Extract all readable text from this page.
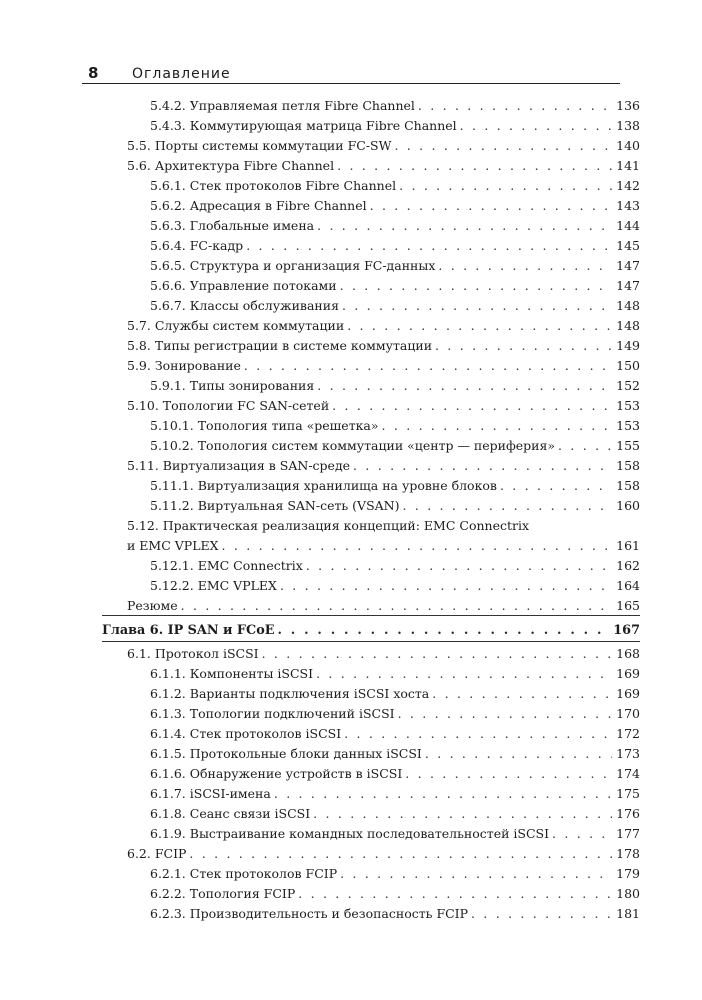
8 Оглавление
5.4.2. Управляемая петля Fibre Channel . . .	136
5.4.3. Коммутирующая матрица Fibre Channel . . .	138
5.5. Порты системы коммутации FC-SW . . .	140
5.6. Архитектура Fibre Channel . . .	141
5.6.1. Стек протоколов Fibre Channel . . .	142
5.6.2. Адресация в Fibre Channel . . .	143
5.6.3. Глобальные имена . . .	144
5.6.4. FC-кадр . . .	145
5.6.5. Структура и организация FC-данных . . .	147
5.6.6. Управление потоками . . .	147
5.6.7. Классы обслуживания . . .	148
5.7. Службы систем коммутации . . .	148
5.8. Типы регистрации в системе коммутации . . .	149
5.9. Зонирование . . .	150
5.9.1. Типы зонирования . . .	152
5.10. Топологии FC SAN-сетей . . .	153
5.10.1. Топология типа «решетка» . . .	153
5.10.2. Топология систем коммутации «центр — периферия» . . .	155
5.11. Виртуализация в SAN-среде . . .	158
5.11.1. Виртуализация хранилища на уровне блоков . . .	158
5.11.2. Виртуальная SAN-сеть (VSAN) . . .	160
5.12. Практическая реализация концепций: EMC Connectrix
и EMC VPLEX . . .	161
5.12.1. EMC Connectrix . . .	162
5.12.2. EMC VPLEX . . .	164
Резюме . . .	165
Глава 6. IP SAN и FCoE . . .	167
6.1. Протокол iSCSI . . .	168
6.1.1. Компоненты iSCSI . . .	169
6.1.2. Варианты подключения iSCSI хоста . . .	169
6.1.3. Топологии подключений iSCSI . . .	170
6.1.4. Стек протоколов iSCSI . . .	172
6.1.5. Протокольные блоки данных iSCSI . . .	173
6.1.6. Обнаружение устройств в iSCSI . . .	174
6.1.7. iSCSI-имена . . .	175
6.1.8. Сеанс связи iSCSI . . .	176
6.1.9. Выстраивание командных последовательностей iSCSI . . .	177
6.2. FCIP . . .	178
6.2.1. Стек протоколов FCIP . . .	179
6.2.2. Топология FCIP . . .	180
6.2.3. Производительность и безопасность FCIP . . .	181
